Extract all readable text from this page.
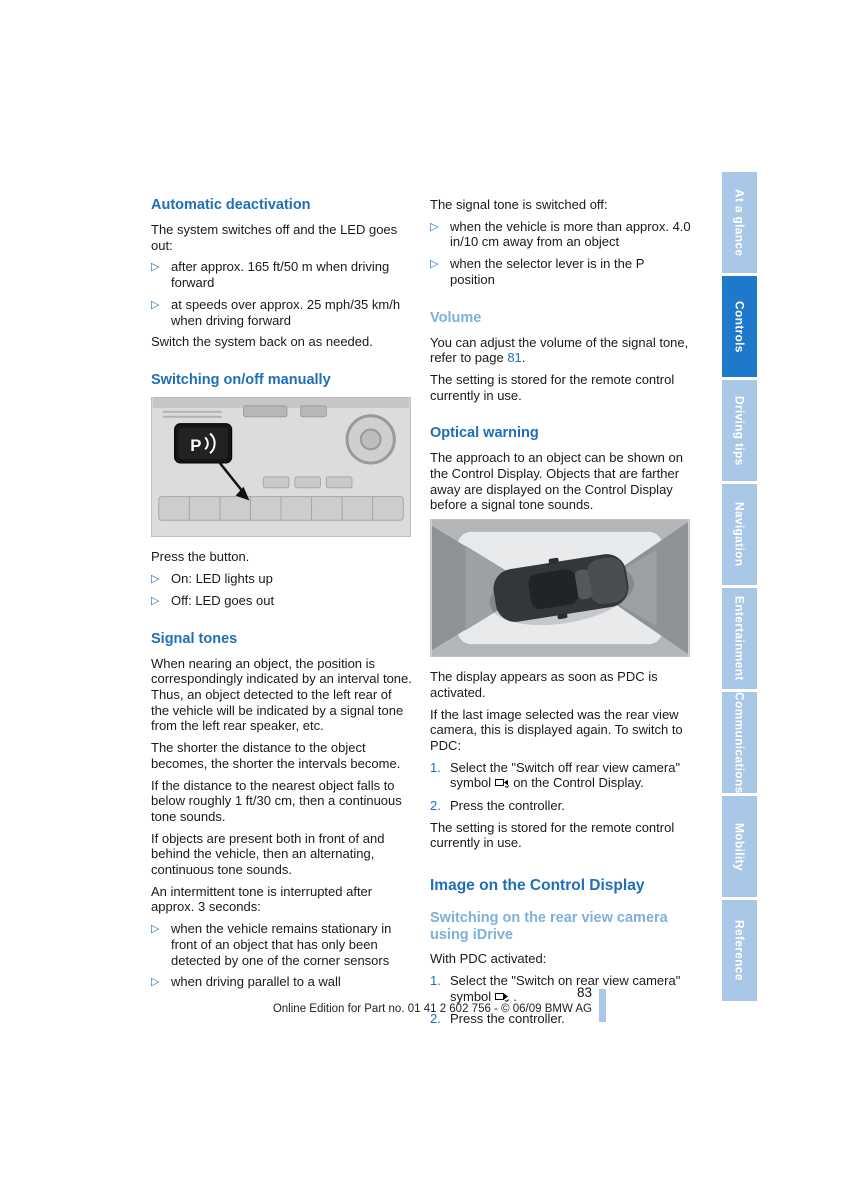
Automatic deactivation

The system switches off and the LED goes out:

▷ after approx. 165 ft/50 m when driving forward
▷ at speeds over approx. 25 mph/35 km/h when driving forward

Switch the system back on as needed.

Switching on/off manually
P

Press the button.

▷ On: LED lights up
▷ Off: LED goes out
Signal tones

When nearing an object, the position is correspondingly indicated by an interval tone. Thus, an object detected to the left rear of the vehicle will be indicated by a signal tone from the left rear speaker, etc.

The shorter the distance to the object becomes, the shorter the intervals become.

If the distance to the nearest object falls to below roughly 1 ft/30 cm, then a continuous tone sounds.

If objects are present both in front of and behind the vehicle, then an alternating, continuous tone sounds.

An intermittent tone is interrupted after approx. 3 seconds:

▷ when the vehicle remains stationary in front of an object that has only been detected by one of the corner sensors
▷ when driving parallel to a wall

The signal tone is switched off:

▷ when the vehicle is more than approx. 4.0 in/10 cm away from an object
▷ when the selector lever is in the P position
Volume

You can adjust the volume of the signal tone, refer to page 81.

The setting is stored for the remote control currently in use.

Optical warning

The approach to an object can be shown on the Control Display. Objects that are farther away are displayed on the Control Display before a signal tone sounds.

The display appears as soon as PDC is activated.

If the last image selected was the rear view camera, this is displayed again. To switch to PDC:

1. Select the "Switch off rear view camera" symbol on the Control Display.
2. Press the controller.

The setting is stored for the remote control currently in use.

Image on the Control Display
Switching on the rear view camera using iDrive

With PDC activated:

1. Select the "Switch on rear view camera" symbol .
2. Press the controller.
At a glance
Controls
Driving tips
Navigation
Entertainment
Communications
Mobility
Reference
83
Online Edition for Part no. 01 41 2 602 756 - © 06/09 BMW AG
